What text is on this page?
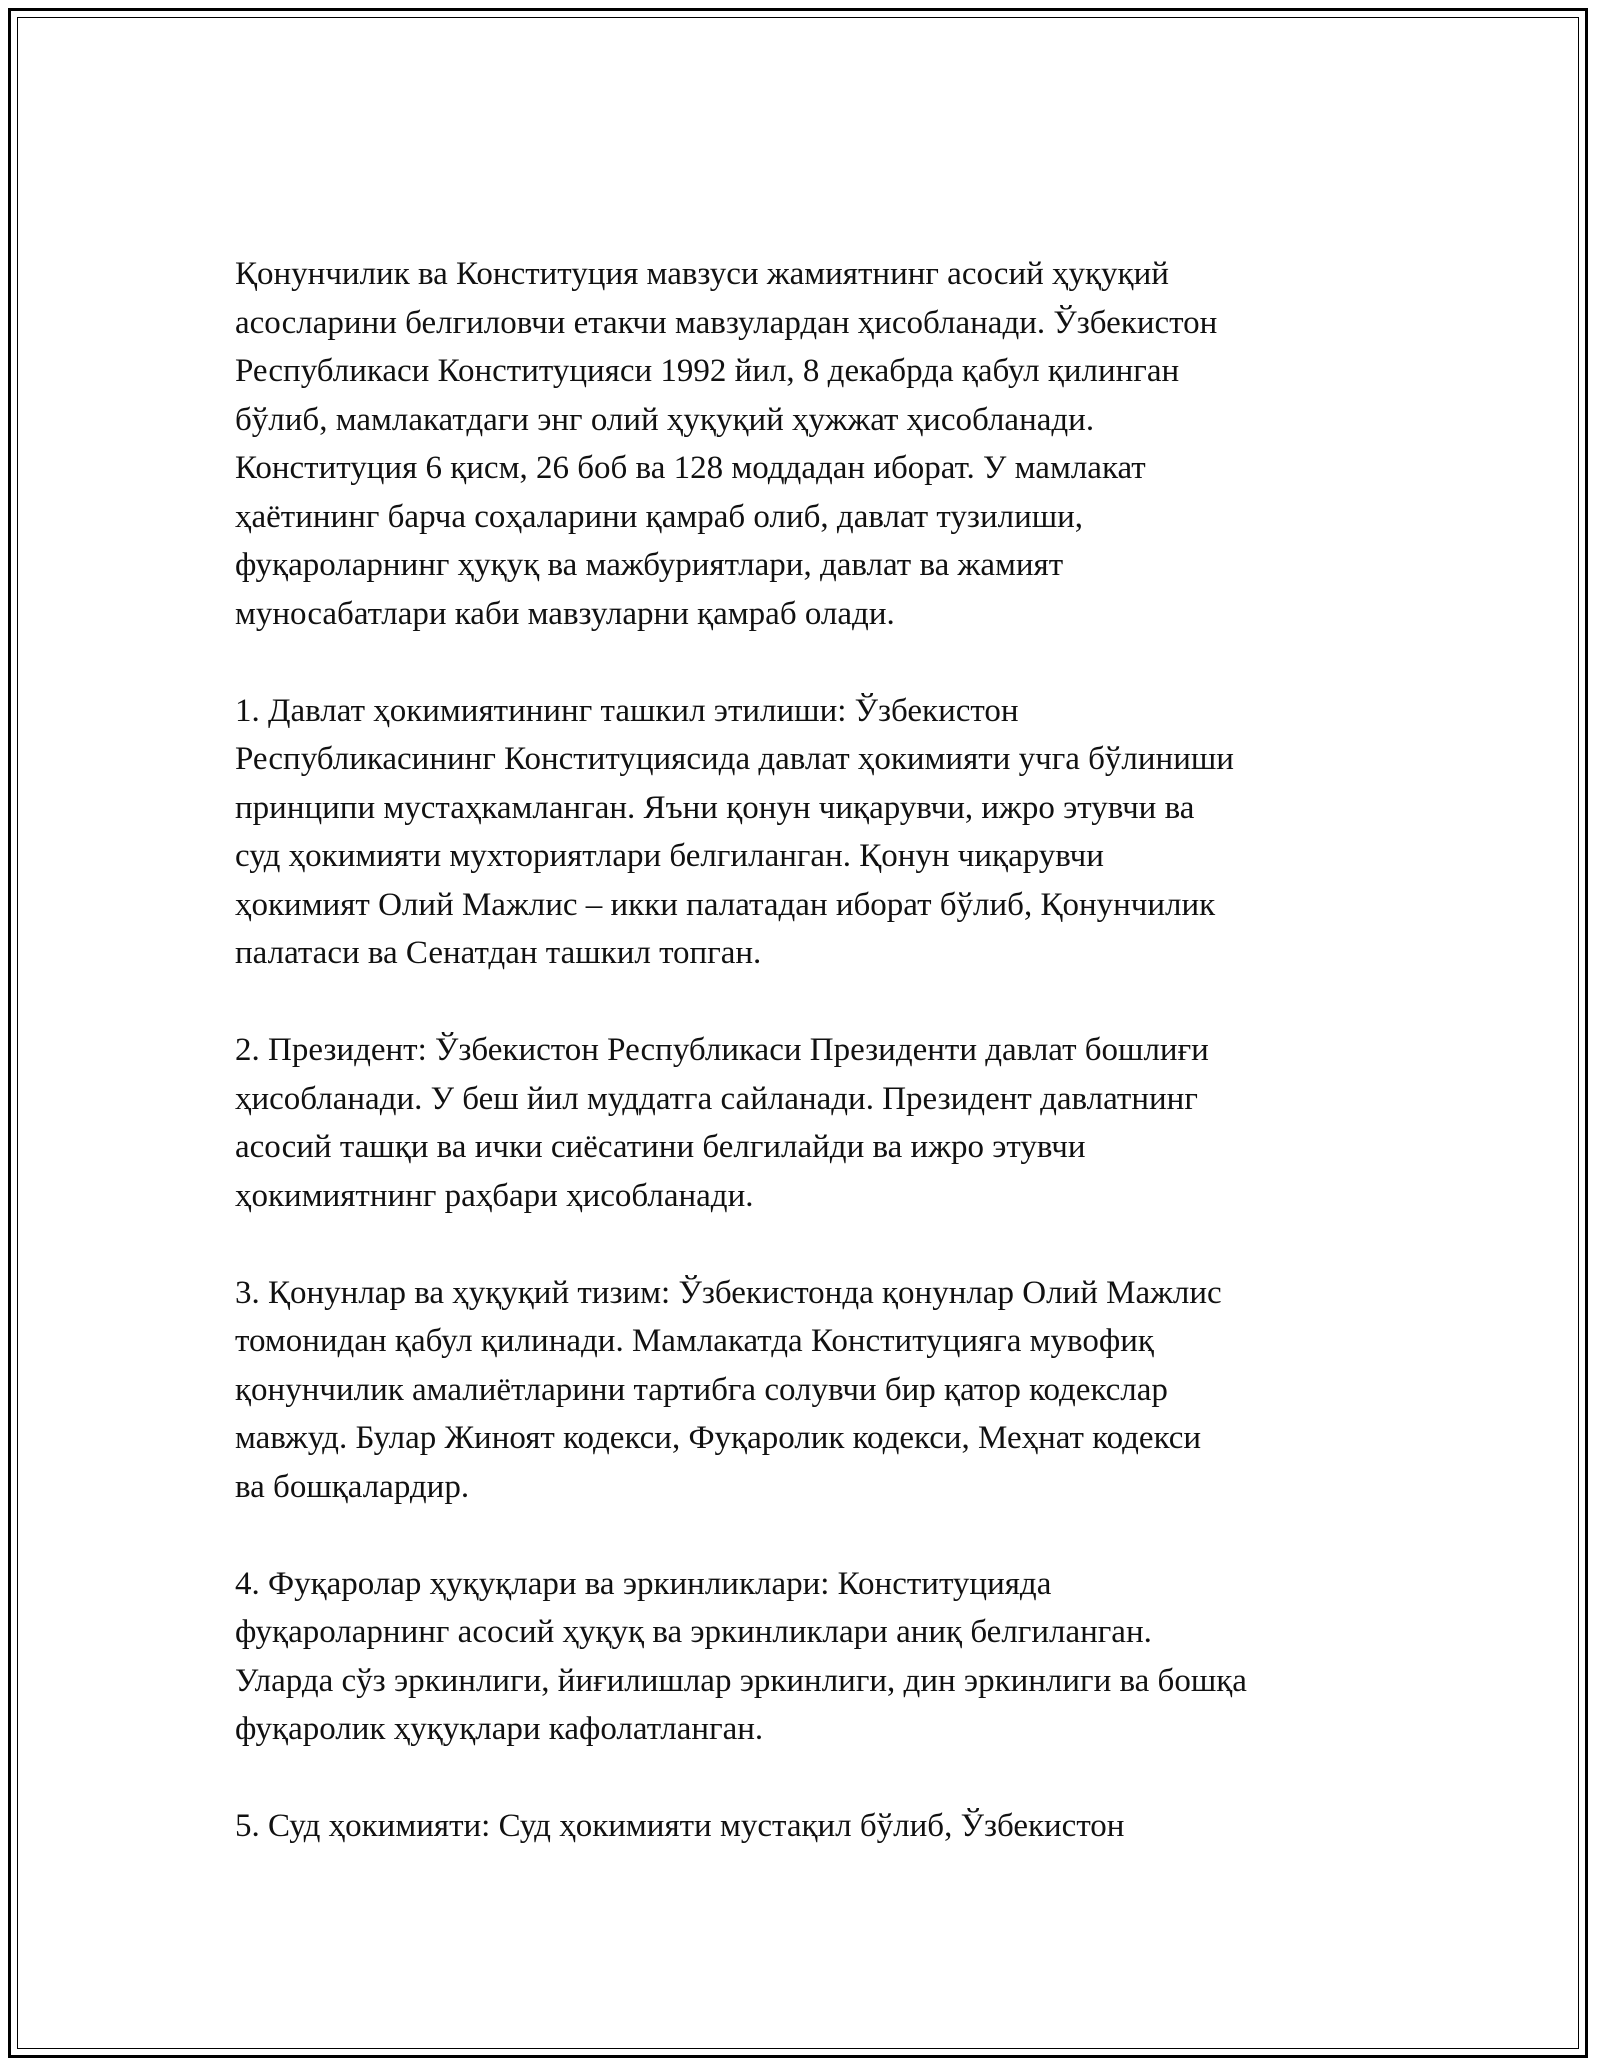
Қонунчилик ва Конституция мавзуси жамиятнинг асосий ҳуқуқий
асосларини белгиловчи етакчи мавзулардан ҳисобланади. Ўзбекистон
Республикаси Конституцияси 1992 йил, 8 декабрда қабул қилинган
бўлиб, мамлакатдаги энг олий ҳуқуқий ҳужжат ҳисобланади.
Конституция 6 қисм, 26 боб ва 128 моддадан иборат. У мамлакат
ҳаётининг барча соҳаларини қамраб олиб, давлат тузилиши,
фуқароларнинг ҳуқуқ ва мажбуриятлари, давлат ва жамият
муносабатлари каби мавзуларни қамраб олади.

1. Давлат ҳокимиятининг ташкил этилиши: Ўзбекистон
Республикасининг Конституциясида давлат ҳокимияти учга бўлиниши
принципи мустаҳкамланган. Яъни қонун чиқарувчи, ижро этувчи ва
суд ҳокимияти мухториятлари белгиланган. Қонун чиқарувчи
ҳокимият Олий Мажлис – икки палатадан иборат бўлиб, Қонунчилик
палатаси ва Сенатдан ташкил топган.

2. Президент: Ўзбекистон Республикаси Президенти давлат бошлиғи
ҳисобланади. У беш йил муддатга сайланади. Президент давлатнинг
асосий ташқи ва ички сиёсатини белгилайди ва ижро этувчи
ҳокимиятнинг раҳбари ҳисобланади.

3. Қонунлар ва ҳуқуқий тизим: Ўзбекистонда қонунлар Олий Мажлис
томонидан қабул қилинади. Мамлакатда Конституцияга мувофиқ
қонунчилик амалиётларини тартибга солувчи бир қатор кодекслар
мавжуд. Булар Жиноят кодекси, Фуқаролик кодекси, Меҳнат кодекси
ва бошқалардир.

4. Фуқаролар ҳуқуқлари ва эркинликлари: Конституцияда
фуқароларнинг асосий ҳуқуқ ва эркинликлари аниқ белгиланган.
Уларда сўз эркинлиги, йиғилишлар эркинлиги, дин эркинлиги ва бошқа
фуқаролик ҳуқуқлари кафолатланган.

5. Суд ҳокимияти: Суд ҳокимияти мустақил бўлиб, Ўзбекистон
